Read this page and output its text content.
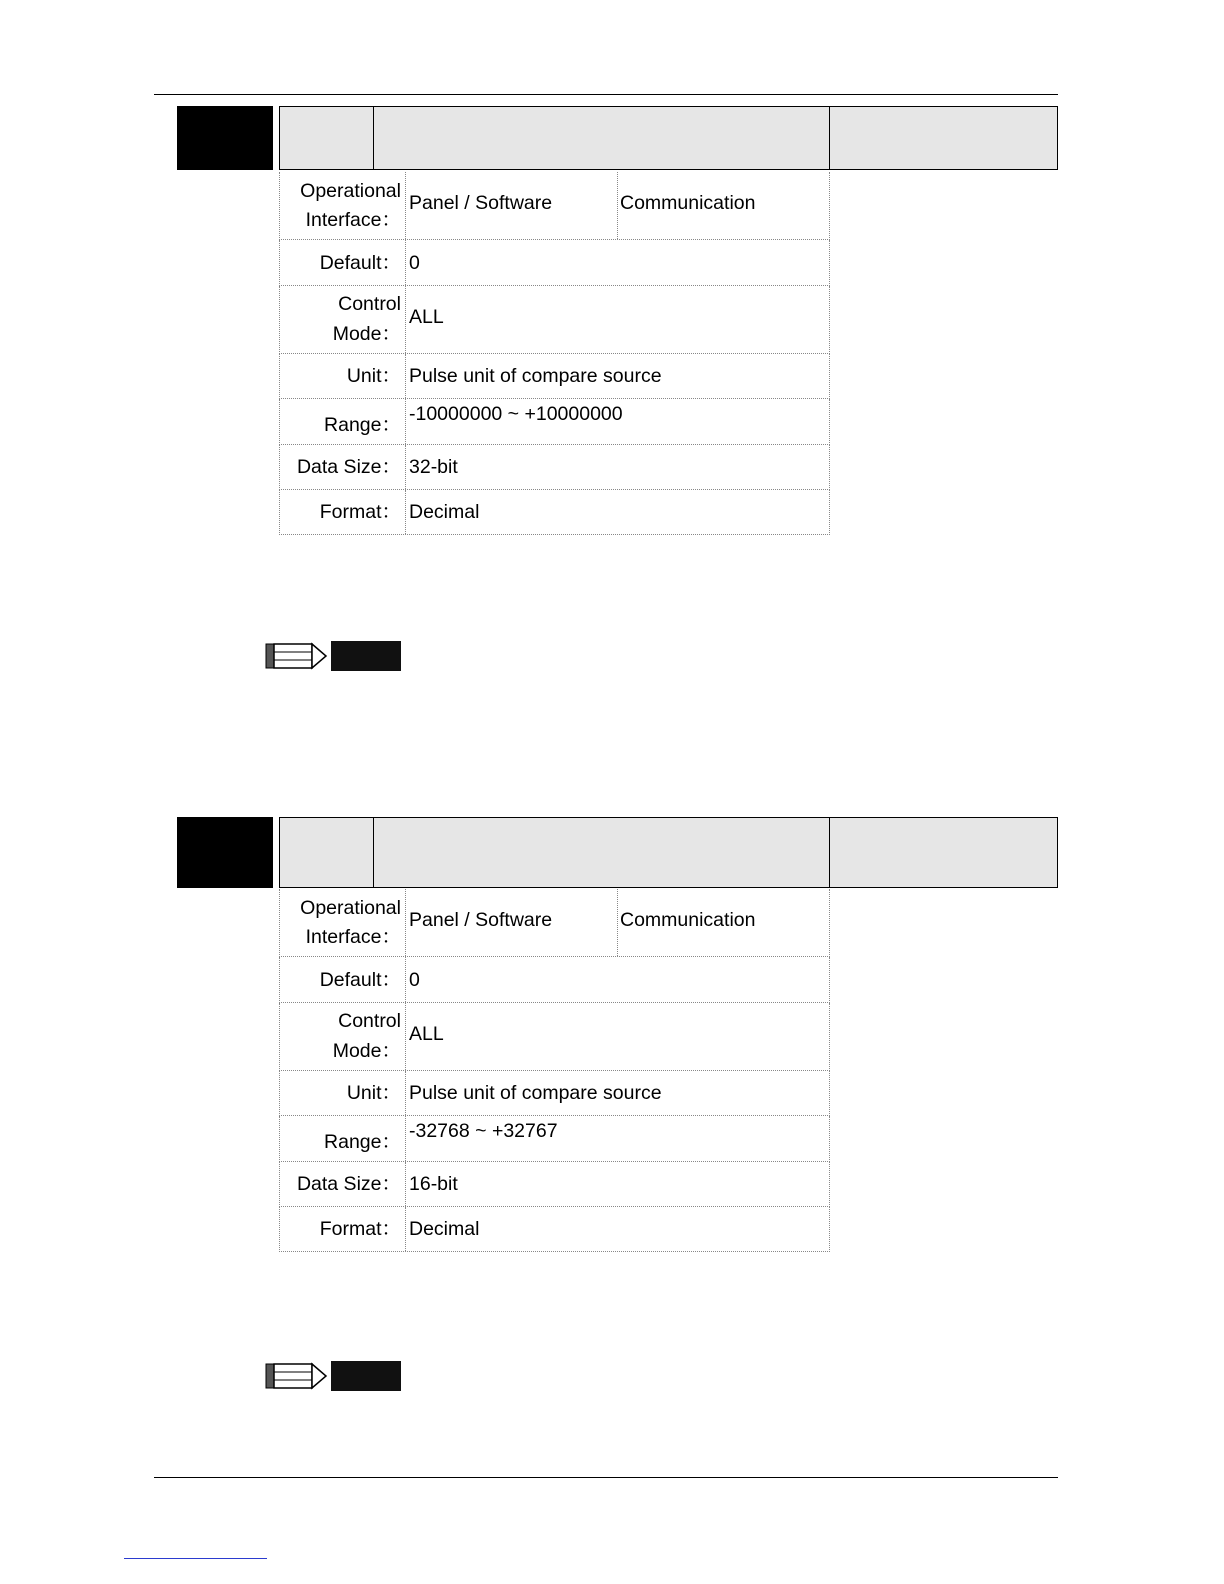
Operational Interface：
Panel / Software	Communication
Default： 0
Control Mode：
ALL
Unit： Pulse unit of compare source
Range： -10000000 ~ +10000000
Data Size： 32-bit
Format： Decimal
Operational Interface：
Panel / Software	Communication
Default： 0
Control Mode：
ALL
Unit： Pulse unit of compare source
Range： -32768 ~ +32767
Data Size： 16-bit
Format： Decimal
